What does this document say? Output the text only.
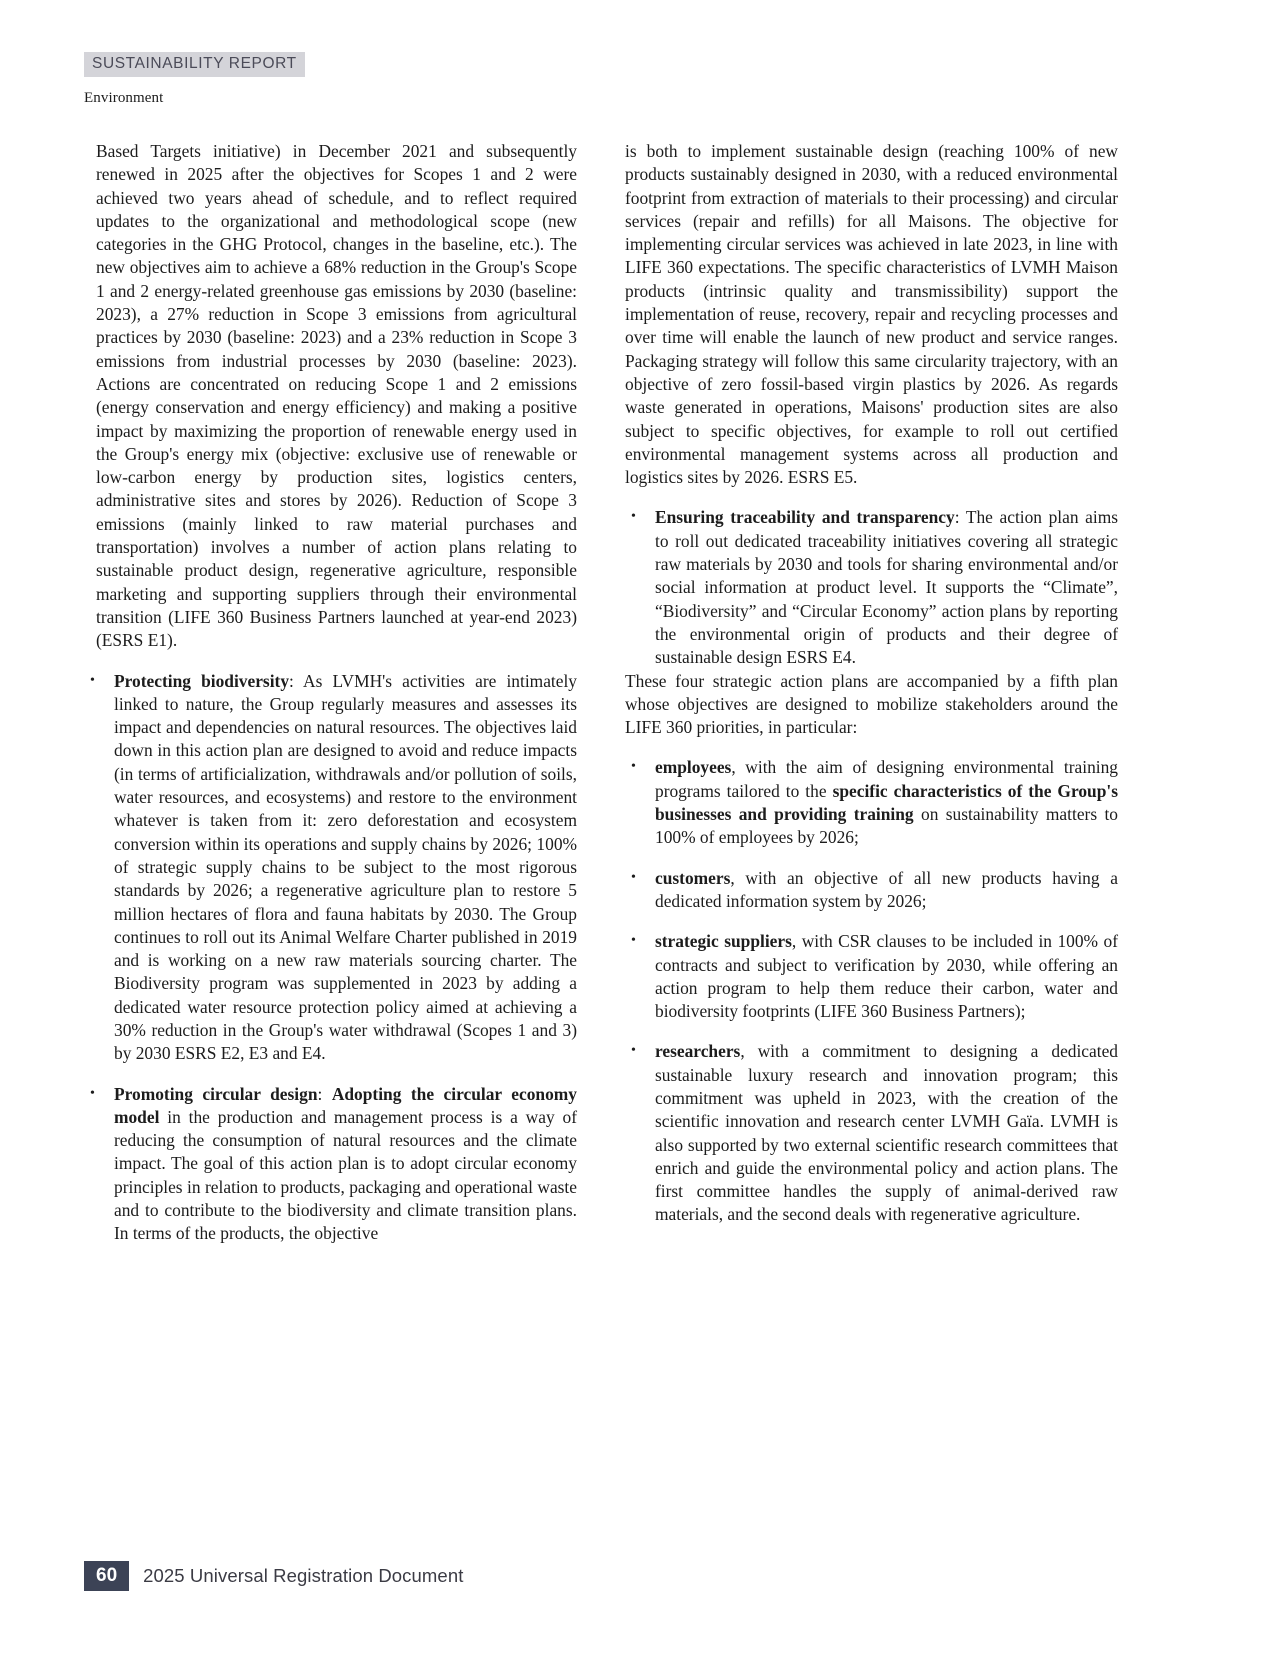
SUSTAINABILITY REPORT
Environment

Based Targets initiative) in December 2021 and subsequently renewed in 2025 after the objectives for Scopes 1 and 2 were achieved two years ahead of schedule, and to reflect required updates to the organizational and methodological scope (new categories in the GHG Protocol, changes in the baseline, etc.). The new objectives aim to achieve a 68% reduction in the Group's Scope 1 and 2 energy-related greenhouse gas emissions by 2030 (baseline: 2023), a 27% reduction in Scope 3 emissions from agricultural practices by 2030 (baseline: 2023) and a 23% reduction in Scope 3 emissions from industrial processes by 2030 (baseline: 2023). Actions are concentrated on reducing Scope 1 and 2 emissions (energy conservation and energy efficiency) and making a positive impact by maximizing the proportion of renewable energy used in the Group's energy mix (objective: exclusive use of renewable or low-carbon energy by production sites, logistics centers, administrative sites and stores by 2026). Reduction of Scope 3 emissions (mainly linked to raw material purchases and transportation) involves a number of action plans relating to sustainable product design, regenerative agriculture, responsible marketing and supporting suppliers through their environmental transition (LIFE 360 Business Partners launched at year-end 2023) (ESRS E1).

• Protecting biodiversity: As LVMH's activities are intimately linked to nature, the Group regularly measures and assesses its impact and dependencies on natural resources. The objectives laid down in this action plan are designed to avoid and reduce impacts (in terms of artificialization, withdrawals and/or pollution of soils, water resources, and ecosystems) and restore to the environment whatever is taken from it: zero deforestation and ecosystem conversion within its operations and supply chains by 2026; 100% of strategic supply chains to be subject to the most rigorous standards by 2026; a regenerative agriculture plan to restore 5 million hectares of flora and fauna habitats by 2030. The Group continues to roll out its Animal Welfare Charter published in 2019 and is working on a new raw materials sourcing charter. The Biodiversity program was supplemented in 2023 by adding a dedicated water resource protection policy aimed at achieving a 30% reduction in the Group's water withdrawal (Scopes 1 and 3) by 2030 ESRS E2, E3 and E4.
• Promoting circular design: Adopting the circular economy model in the production and management process is a way of reducing the consumption of natural resources and the climate impact. The goal of this action plan is to adopt circular economy principles in relation to products, packaging and operational waste and to contribute to the biodiversity and climate transition plans. In terms of the products, the objective

is both to implement sustainable design (reaching 100% of new products sustainably designed in 2030, with a reduced environmental footprint from extraction of materials to their processing) and circular services (repair and refills) for all Maisons. The objective for implementing circular services was achieved in late 2023, in line with LIFE 360 expectations. The specific characteristics of LVMH Maison products (intrinsic quality and transmissibility) support the implementation of reuse, recovery, repair and recycling processes and over time will enable the launch of new product and service ranges. Packaging strategy will follow this same circularity trajectory, with an objective of zero fossil-based virgin plastics by 2026. As regards waste generated in operations, Maisons' production sites are also subject to specific objectives, for example to roll out certified environmental management systems across all production and logistics sites by 2026. ESRS E5.

• Ensuring traceability and transparency: The action plan aims to roll out dedicated traceability initiatives covering all strategic raw materials by 2030 and tools for sharing environmental and/or social information at product level. It supports the “Climate”, “Biodiversity” and “Circular Economy” action plans by reporting the environmental origin of products and their degree of sustainable design ESRS E4.

These four strategic action plans are accompanied by a fifth plan whose objectives are designed to mobilize stakeholders around the LIFE 360 priorities, in particular:

• employees, with the aim of designing environmental training programs tailored to the specific characteristics of the Group's businesses and providing training on sustainability matters to 100% of employees by 2026;
• customers, with an objective of all new products having a dedicated information system by 2026;
• strategic suppliers, with CSR clauses to be included in 100% of contracts and subject to verification by 2030, while offering an action program to help them reduce their carbon, water and biodiversity footprints (LIFE 360 Business Partners);
• researchers, with a commitment to designing a dedicated sustainable luxury research and innovation program; this commitment was upheld in 2023, with the creation of the scientific innovation and research center LVMH Gaïa. LVMH is also supported by two external scientific research committees that enrich and guide the environmental policy and action plans. The first committee handles the supply of animal-derived raw materials, and the second deals with regenerative agriculture.
60	2025 Universal Registration Document
